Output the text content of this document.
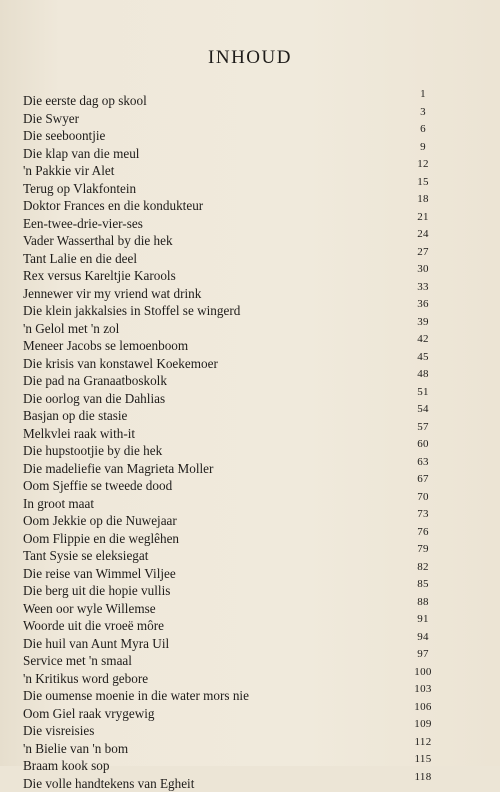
INHOUD
Die eerste dag op skool	1
Die Swyer	3
Die seeboontjie	6
Die klap van die meul	9
'n Pakkie vir Alet	12
Terug op Vlakfontein	15
Doktor Frances en die kondukteur	18
Een-twee-drie-vier-ses	21
Vader Wasserthal by die hek	24
Tant Lalie en die deel	27
Rex versus Kareltjie Karools	30
Jennewer vir my vriend wat drink	33
Die klein jakkalsies in Stoffel se wingerd	36
'n Gelol met 'n zol	39
Meneer Jacobs se lemoenboom	42
Die krisis van konstawel Koekemoer	45
Die pad na Granaatboskolk	48
Die oorlog van die Dahlias	51
Basjan op die stasie	54
Melkvlei raak with-it	57
Die hupstootjie by die hek	60
Die madeliefie van Magrieta Moller	63
Oom Sjeffie se tweede dood	67
In groot maat	70
Oom Jekkie op die Nuwejaar	73
Oom Flippie en die weglêhen	76
Tant Sysie se eleksiegat	79
Die reise van Wimmel Viljee	82
Die berg uit die hopie vullis	85
Ween oor wyle Willemse	88
Woorde uit die vroeë môre	91
Die huil van Aunt Myra Uil	94
Service met 'n smaal	97
'n Kritikus word gebore	100
Die oumense moenie in die water mors nie	103
Oom Giel raak vrygewig	106
Die visreisies	109
'n Bielie van 'n bom	112
Braam kook sop	115
Die volle handtekens van Egheit	118
